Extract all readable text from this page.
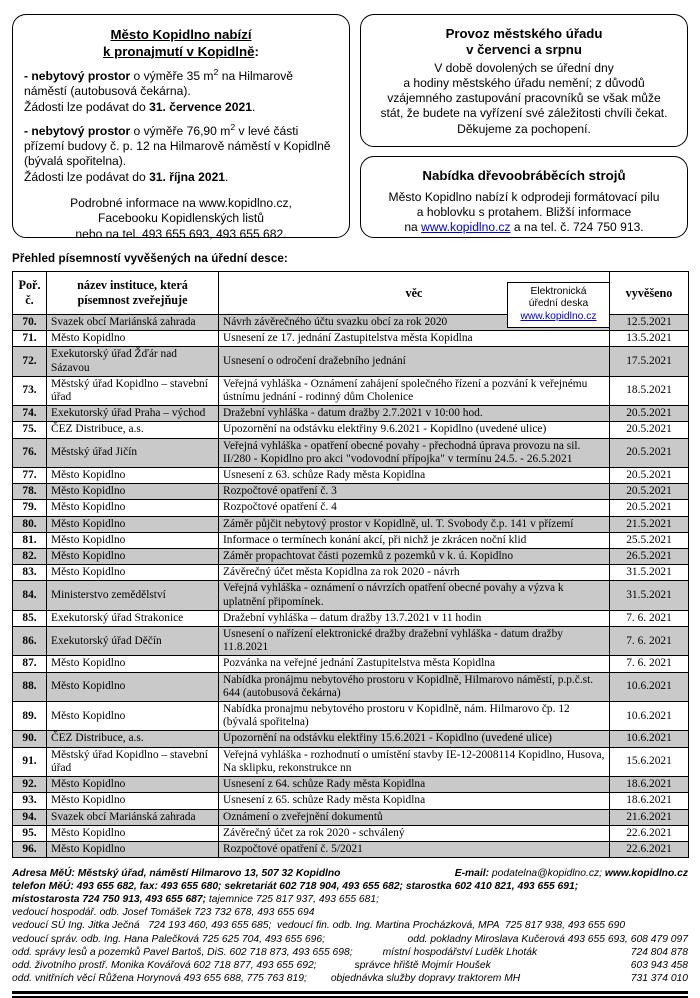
Město Kopidlno nabízí
k pronajmutí v Kopidlně:
- nebytový prostor o výměře 35 $m^2$ na Hilmarově
náměstí (autobusová čekárna).
Žádosti lze podávat do 31. července 2021.
- nebytový prostor o výměře 76,90 $m^2$ v levé části
přízemí budovy č. p. 12 na Hilmarově náměstí v Kopidlně
(bývalá spořitelna).
Žádosti lze podávat do 31. října 2021.
Podrobné informace na www.kopidlno.cz,
Facebooku Kopidlenských listů
nebo na tel. 493 655 693, 493 655 682.
Provoz městského úřadu
v červenci a srpnu
V době dovolených se úřední dny
a hodiny městského úřadu nemění; z důvodů
vzájemného zastupování pracovníků se však může
stát, že budete na vyřízení své záležitosti chvíli čekat.
Děkujeme za pochopení.
Nabídka dřevoobráběcích strojů
Město Kopidlno nabízí k odprodeji formátovací pilu
a hoblovku s protahem. Bližší informace
na www.kopidlno.cz a na tel. č. 724 750 913.
Přehled písemností vyvěšených na úřední desce:
Poř.
č.	název instituce, která
písemnost zveřejňuje	věc	vyvěšeno
70.	Svazek obcí Mariánská zahrada	Návrh závěrečného účtu svazku obcí za rok 2020	12.5.2021
71.	Město Kopidlno	Usnesení ze 17. jednání Zastupitelstva města Kopidlna	13.5.2021
72.	Exekutorský úřad Žďár nad Sázavou	Usnesení o odročení dražebního jednání	17.5.2021
73.	Městský úřad Kopidlno – stavební úřad	Veřejná vyhláška - Oznámení zahájení společného řízení a pozvání k veřejnému ústnímu jednání - rodinný dům Cholenice	18.5.2021
74.	Exekutorský úřad Praha – východ	Dražební vyhláška - datum dražby 2.7.2021 v 10:00 hod.	20.5.2021
75.	ČEZ Distribuce, a.s.	Upozornění na odstávku elektřiny 9.6.2021 - Kopidlno (uvedené ulice)	20.5.2021
76.	Městský úřad Jičín	Veřejná vyhláška - opatření obecné povahy - přechodná úprava provozu na sil. II/280 - Kopidlno pro akci "vodovodní přípojka" v termínu 24.5. - 26.5.2021	20.5.2021
77.	Město Kopidlno	Usnesení z 63. schůze Rady města Kopidlna	20.5.2021
78.	Město Kopidlno	Rozpočtové opatření č. 3	20.5.2021
79.	Město Kopidlno	Rozpočtové opatření č. 4	20.5.2021
80.	Město Kopidlno	Záměr půjčit nebytový prostor v Kopidlně, ul. T. Svobody č.p. 141 v přízemí	21.5.2021
81.	Město Kopidlno	Informace o termínech konání akcí, při nichž je zkrácen noční klid	25.5.2021
82.	Město Kopidlno	Záměr propachtovat části pozemků z pozemků v k. ú. Kopidlno	26.5.2021
83.	Město Kopidlno	Závěrečný účet města Kopidlna za rok 2020 - návrh	31.5.2021
84.	Ministerstvo zemědělství	Veřejná vyhláška - oznámení o návrzích opatření obecné povahy a výzva k uplatnění připomínek.	31.5.2021
85.	Exekutorský úřad Strakonice	Dražební vyhláška – datum dražby 13.7.2021 v 11 hodin	7. 6. 2021
86.	Exekutorský úřad Děčín	Usnesení o nařízení elektronické dražby dražební vyhláška - datum dražby 11.8.2021	7. 6. 2021
87.	Město Kopidlno	Pozvánka na veřejné jednání Zastupitelstva města Kopidlna	7. 6. 2021
88.	Město Kopidlno	Nabídka pronájmu nebytového prostoru v Kopidlně, Hilmarovo náměstí, p.p.č.st. 644 (autobusová čekárna)	10.6.2021
89.	Město Kopidlno	Nabídka pronajmu nebytového prostoru v Kopidlně, nám. Hilmarovo čp. 12 (bývalá spořitelna)	10.6.2021
90.	ČEZ Distribuce, a.s.	Upozornění na odstávku elektřiny 15.6.2021 - Kopidlno (uvedené ulice)	10.6.2021
91.	Městský úřad Kopidlno – stavební úřad	Veřejná vyhláška - rozhodnutí o umístění stavby IE-12-2008114 Kopidlno, Husova, Na sklipku, rekonstrukce nn	15.6.2021
92.	Město Kopidlno	Usnesení z 64. schůze Rady města Kopidlna	18.6.2021
93.	Město Kopidlno	Usnesení z 65. schůze Rady města Kopidlna	18.6.2021
94.	Svazek obcí Mariánská zahrada	Oznámení o zveřejnění dokumentů	21.6.2021
95.	Město Kopidlno	Závěrečný účet za rok 2020 - schválený	22.6.2021
96.	Město Kopidlno	Rozpočtové opatření č. 5/2021	22.6.2021
Elektronická
úřední deska
www.kopidlno.cz
Adresa MěÚ: Městský úřad, náměstí Hilmarovo 13, 507 32 Kopidlno	E-mail: podatelna@kopidlno.cz; www.kopidlno.cz
telefon MěÚ: 493 655 682, fax: 493 655 680; sekretariát 602 718 904, 493 655 682; starostka 602 410 821, 493 655 691;
místostarosta 724 750 913, 493 655 687; tajemnice 725 817 937, 493 655 681;
vedoucí hospodář. odb. Josef Tomášek 723 732 678, 493 655 694
vedoucí SÚ Ing. Jitka Ječná   724 193 460, 493 655 685;  vedoucí fin. odb. Ing. Martina Procházková, MPA  725 817 938, 493 655 690
vedoucí správ. odb. Ing. Hana Palečková 725 625 704, 493 655 696;	odd. pokladny Miroslava Kučerová 493 655 693, 608 479 097
odd. správy lesů a pozemků Pavel Bartoš, DiS. 602 718 873, 493 655 698;	místní hospodářství Luděk Lhoták	724 804 878
odd. životního prostř. Monika Kovářová 602 718 877, 493 655 692;	správce hřiště Mojmír Houšek	603 943 458
odd. vnitřních věcí Růžena Horynová 493 655 688, 775 763 819; objednávka služby dopravy traktorem MH	731 374 010
